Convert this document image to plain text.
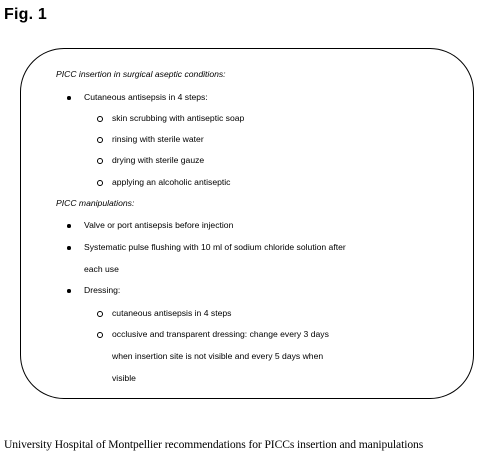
Fig. 1
PICC insertion in surgical aseptic conditions:
Cutaneous antisepsis in 4 steps:
skin scrubbing with antiseptic soap
rinsing with sterile water
drying with sterile gauze
applying an alcoholic antiseptic
PICC manipulations:
Valve or port antisepsis before injection
Systematic pulse flushing with 10 ml of sodium chloride solution after
each use
Dressing:
cutaneous antisepsis in 4 steps
occlusive and transparent dressing: change every 3 days
when insertion site is not visible and every 5 days when
visible
University Hospital of Montpellier recommendations for PICCs insertion and manipulations
